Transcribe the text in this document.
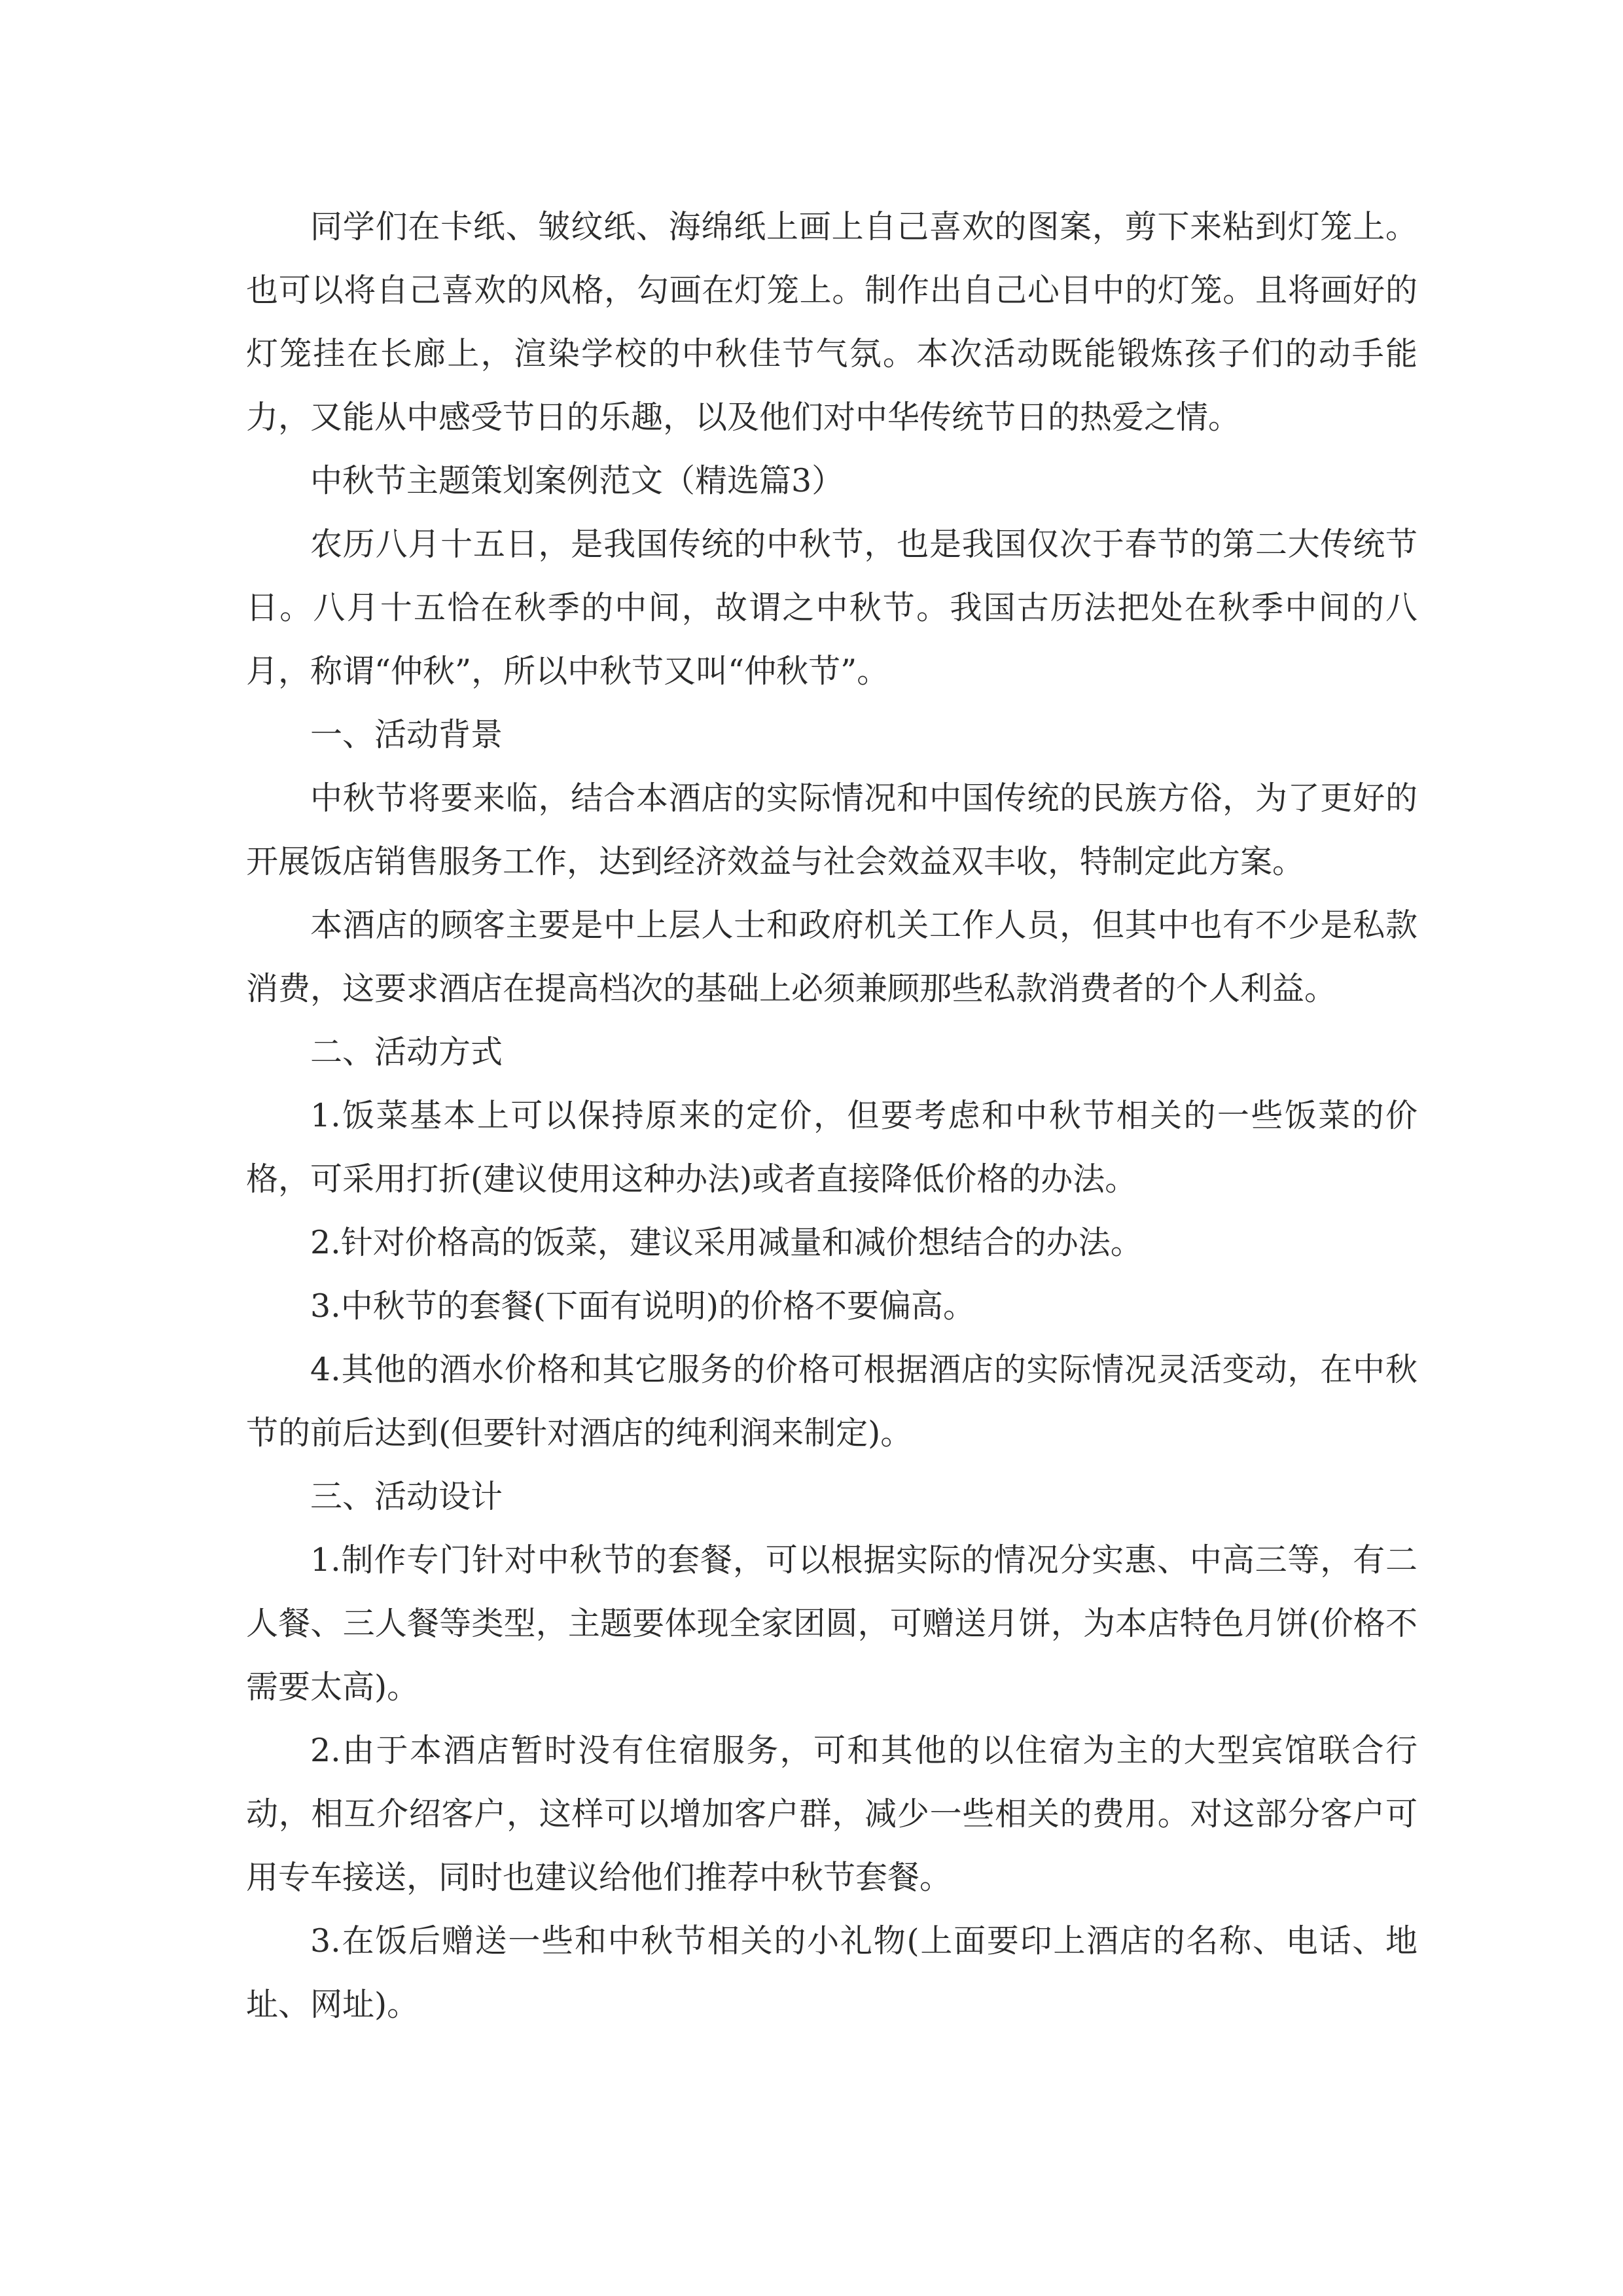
同学们在卡纸、皱纹纸、海绵纸上画上自己喜欢的图案，剪下来粘到灯笼上。也可以将自己喜欢的风格，勾画在灯笼上。制作出自己心目中的灯笼。且将画好的灯笼挂在长廊上，渲染学校的中秋佳节气氛。本次活动既能锻炼孩子们的动手能力，又能从中感受节日的乐趣，以及他们对中华传统节日的热爱之情。

中秋节主题策划案例范文（精选篇3）

农历八月十五日，是我国传统的中秋节，也是我国仅次于春节的第二大传统节日。八月十五恰在秋季的中间，故谓之中秋节。我国古历法把处在秋季中间的八月，称谓“仲秋”，所以中秋节又叫“仲秋节”。

一、活动背景

中秋节将要来临，结合本酒店的实际情况和中国传统的民族方俗，为了更好的开展饭店销售服务工作，达到经济效益与社会效益双丰收，特制定此方案。

本酒店的顾客主要是中上层人士和政府机关工作人员，但其中也有不少是私款消费，这要求酒店在提高档次的基础上必须兼顾那些私款消费者的个人利益。

二、活动方式

1.饭菜基本上可以保持原来的定价，但要考虑和中秋节相关的一些饭菜的价格，可采用打折(建议使用这种办法)或者直接降低价格的办法。

2.针对价格高的饭菜，建议采用减量和减价想结合的办法。

3.中秋节的套餐(下面有说明)的价格不要偏高。

4.其他的酒水价格和其它服务的价格可根据酒店的实际情况灵活变动，在中秋节的前后达到(但要针对酒店的纯利润来制定)。

三、活动设计

1.制作专门针对中秋节的套餐，可以根据实际的情况分实惠、中高三等，有二人餐、三人餐等类型，主题要体现全家团圆，可赠送月饼，为本店特色月饼(价格不需要太高)。

2.由于本酒店暂时没有住宿服务，可和其他的以住宿为主的大型宾馆联合行动，相互介绍客户，这样可以增加客户群，减少一些相关的费用。对这部分客户可用专车接送，同时也建议给他们推荐中秋节套餐。

3.在饭后赠送一些和中秋节相关的小礼物(上面要印上酒店的名称、电话、地址、网址)。
